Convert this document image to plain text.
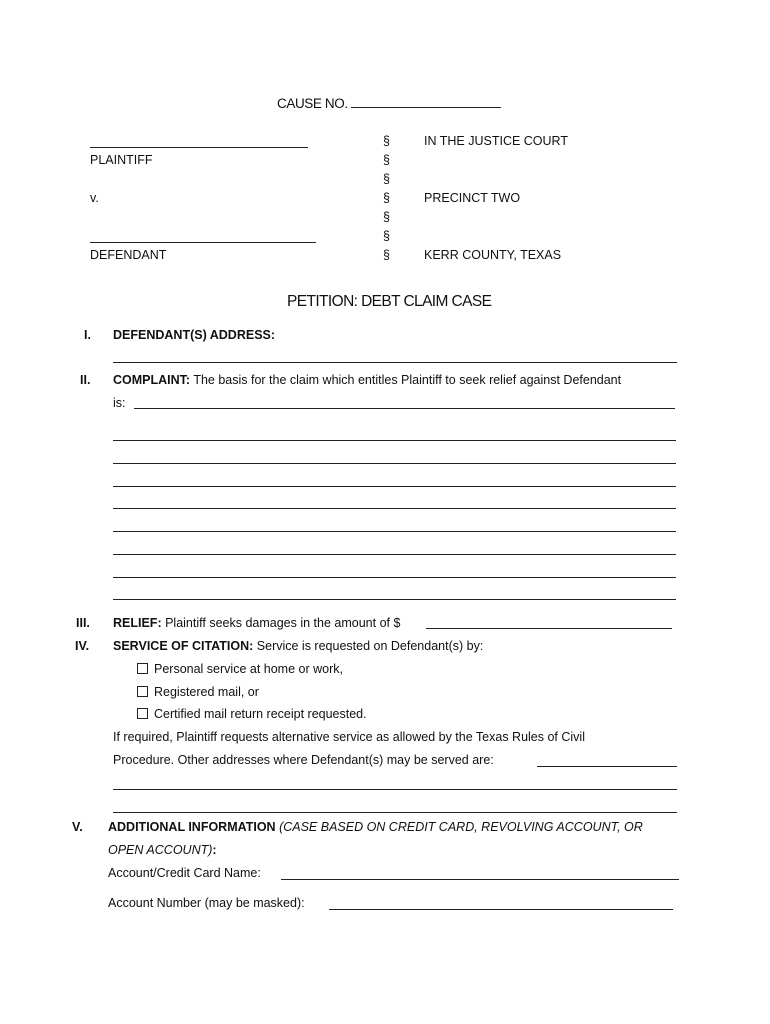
CAUSE NO.
PLAINTIFF
v.
DEFENDANT
§
§
§
§
§
§
§
IN THE JUSTICE COURT
PRECINCT TWO
KERR COUNTY, TEXAS
PETITION: DEBT CLAIM CASE
I. DEFENDANT(S) ADDRESS:
II. COMPLAINT: The basis for the claim which entitles Plaintiff to seek relief against Defendant
is:
III. RELIEF: Plaintiff seeks damages in the amount of $
IV. SERVICE OF CITATION: Service is requested on Defendant(s) by:
Personal service at home or work,
Registered mail, or
Certified mail return receipt requested.
If required, Plaintiff requests alternative service as allowed by the Texas Rules of Civil
Procedure. Other addresses where Defendant(s) may be served are:
V. ADDITIONAL INFORMATION (CASE BASED ON CREDIT CARD, REVOLVING ACCOUNT, OR
OPEN ACCOUNT):
Account/Credit Card Name:
Account Number (may be masked):
